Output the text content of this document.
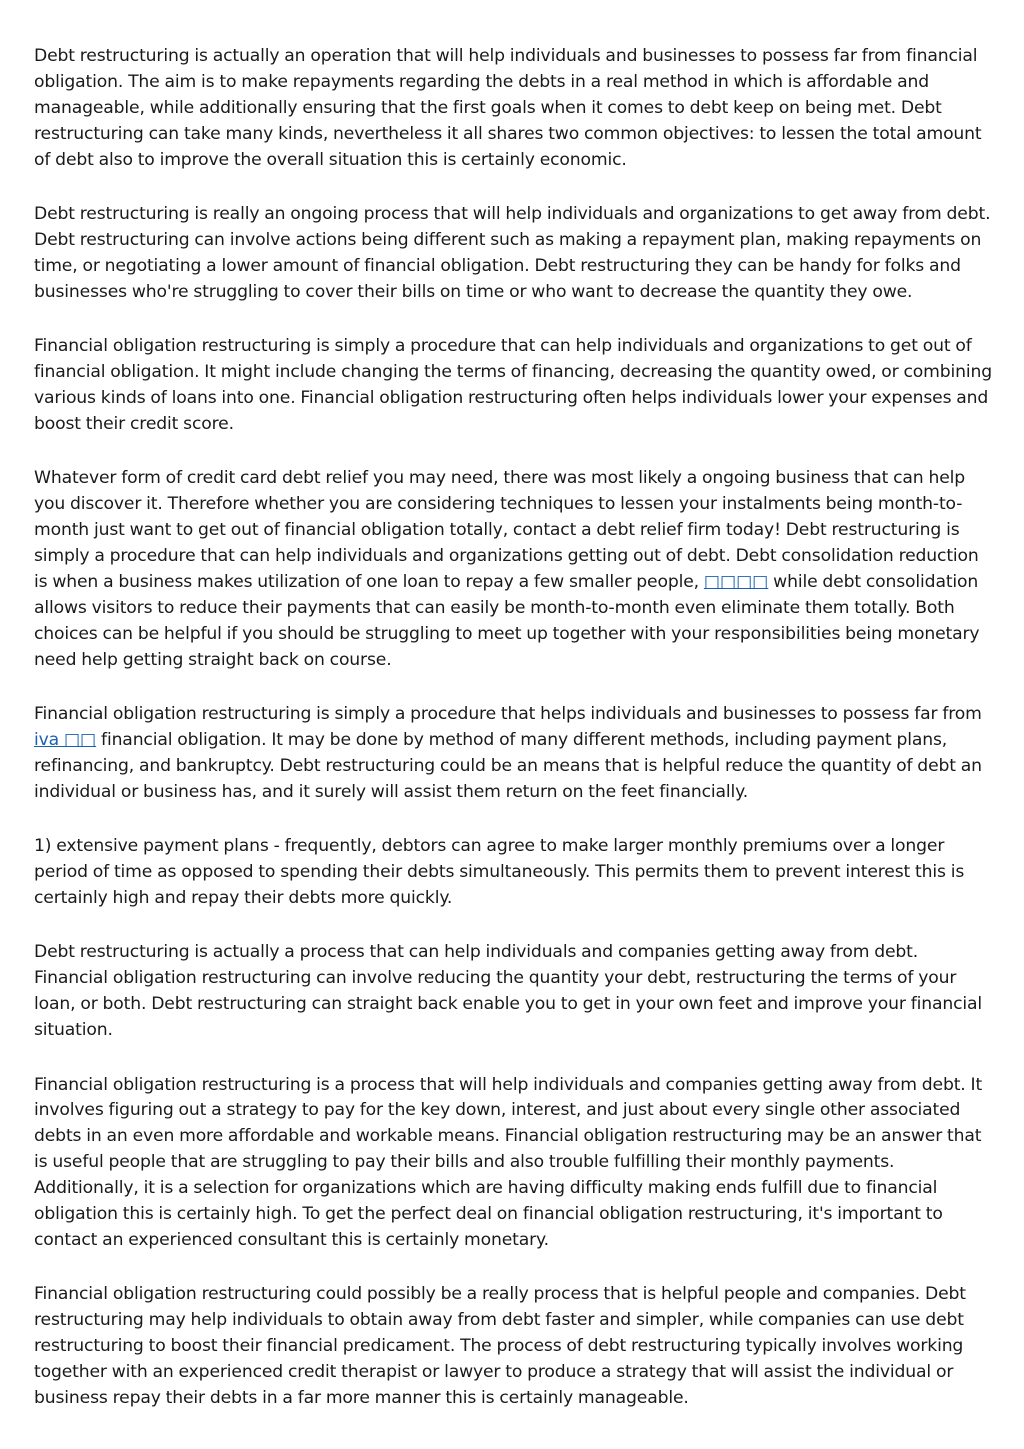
Debt restructuring is actually an operation that will help individuals and businesses to possess far from financial obligation. The aim is to make repayments regarding the debts in a real method in which is affordable and manageable, while additionally ensuring that the first goals when it comes to debt keep on being met. Debt restructuring can take many kinds, nevertheless it all shares two common objectives: to lessen the total amount of debt also to improve the overall situation this is certainly economic.

Debt restructuring is really an ongoing process that will help individuals and organizations to get away from debt. Debt restructuring can involve actions being different such as making a repayment plan, making repayments on time, or negotiating a lower amount of financial obligation. Debt restructuring they can be handy for folks and businesses who're struggling to cover their bills on time or who want to decrease the quantity they owe.

Financial obligation restructuring is simply a procedure that can help individuals and organizations to get out of financial obligation. It might include changing the terms of financing, decreasing the quantity owed, or combining various kinds of loans into one. Financial obligation restructuring often helps individuals lower your expenses and boost their credit score.

Whatever form of credit card debt relief you may need, there was most likely a ongoing business that can help you discover it. Therefore whether you are considering techniques to lessen your instalments being month-to-month just want to get out of financial obligation totally, contact a debt relief firm today! Debt restructuring is simply a procedure that can help individuals and organizations getting out of debt. Debt consolidation reduction is when a business makes utilization of one loan to repay a few smaller people, □□□□ while debt consolidation allows visitors to reduce their payments that can easily be month-to-month even eliminate them totally. Both choices can be helpful if you should be struggling to meet up together with your responsibilities being monetary need help getting straight back on course.

Financial obligation restructuring is simply a procedure that helps individuals and businesses to possess far from iva □□ financial obligation. It may be done by method of many different methods, including payment plans, refinancing, and bankruptcy. Debt restructuring could be an means that is helpful reduce the quantity of debt an individual or business has, and it surely will assist them return on the feet financially.

1) extensive payment plans - frequently, debtors can agree to make larger monthly premiums over a longer period of time as opposed to spending their debts simultaneously. This permits them to prevent interest this is certainly high and repay their debts more quickly.

Debt restructuring is actually a process that can help individuals and companies getting away from debt. Financial obligation restructuring can involve reducing the quantity your debt, restructuring the terms of your loan, or both. Debt restructuring can straight back enable you to get in your own feet and improve your financial situation.

Financial obligation restructuring is a process that will help individuals and companies getting away from debt. It involves figuring out a strategy to pay for the key down, interest, and just about every single other associated debts in an even more affordable and workable means. Financial obligation restructuring may be an answer that is useful people that are struggling to pay their bills and also trouble fulfilling their monthly payments. Additionally, it is a selection for organizations which are having difficulty making ends fulfill due to financial obligation this is certainly high. To get the perfect deal on financial obligation restructuring, it's important to contact an experienced consultant this is certainly monetary.

Financial obligation restructuring could possibly be a really process that is helpful people and companies. Debt restructuring may help individuals to obtain away from debt faster and simpler, while companies can use debt restructuring to boost their financial predicament. The process of debt restructuring typically involves working together with an experienced credit therapist or lawyer to produce a strategy that will assist the individual or business repay their debts in a far more manner this is certainly manageable.
